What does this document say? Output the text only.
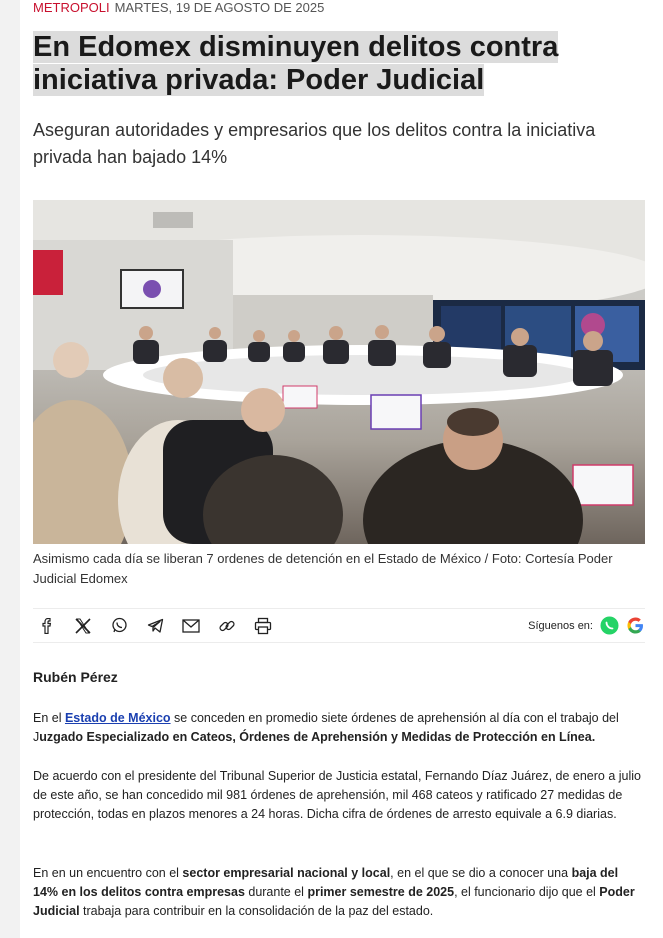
METROPOLI MARTES, 19 DE AGOSTO DE 2025
En Edomex disminuyen delitos contra
iniciativa privada: Poder Judicial

Aseguran autoridades y empresarios que los delitos contra la iniciativa privada han bajado 14%

Asimismo cada día se liberan 7 ordenes de detención en el Estado de México / Foto: Cortesía Poder Judicial Edomex
Síguenos en:
Rubén Pérez

En el Estado de México se conceden en promedio siete órdenes de aprehensión al día con el trabajo del Juzgado Especializado en Cateos, Órdenes de Aprehensión y Medidas de Protección en Línea.

De acuerdo con el presidente del Tribunal Superior de Justicia estatal, Fernando Díaz Juárez, de enero a julio de este año, se han concedido mil 981 órdenes de aprehensión, mil 468 cateos y ratificado 27 medidas de protección, todas en plazos menores a 24 horas. Dicha cifra de órdenes de arresto equivale a 6.9 diarias.

En en un encuentro con el sector empresarial nacional y local, en el que se dio a conocer una baja del 14% en los delitos contra empresas durante el primer semestre de 2025, el funcionario dijo que el Poder Judicial trabaja para contribuir en la consolidación de la paz del estado.
